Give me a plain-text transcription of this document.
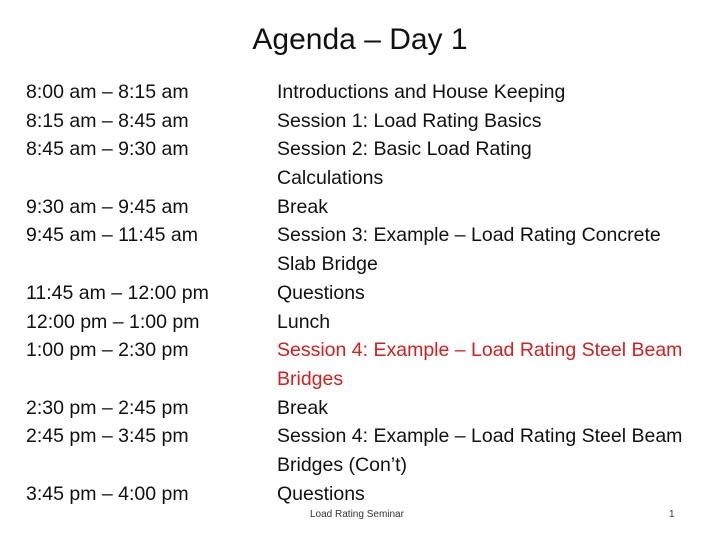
Agenda – Day 1
8:00 am – 8:15 am
8:15 am – 8:45 am
8:45 am – 9:30 am
9:30 am – 9:45 am
9:45 am – 11:45 am
11:45 am – 12:00 pm
12:00 pm – 1:00 pm
1:00 pm – 2:30 pm
2:30 pm – 2:45 pm
2:45 pm – 3:45 pm
3:45 pm – 4:00 pm
Introductions and House Keeping
Session 1: Load Rating Basics
Session 2: Basic Load Rating
Calculations
Break
Session 3: Example – Load Rating Concrete
Slab Bridge
Questions
Lunch
Session 4: Example – Load Rating Steel Beam
Bridges
Break
Session 4: Example – Load Rating Steel Beam
Bridges (Con’t)
Questions
Load Rating Seminar	1
